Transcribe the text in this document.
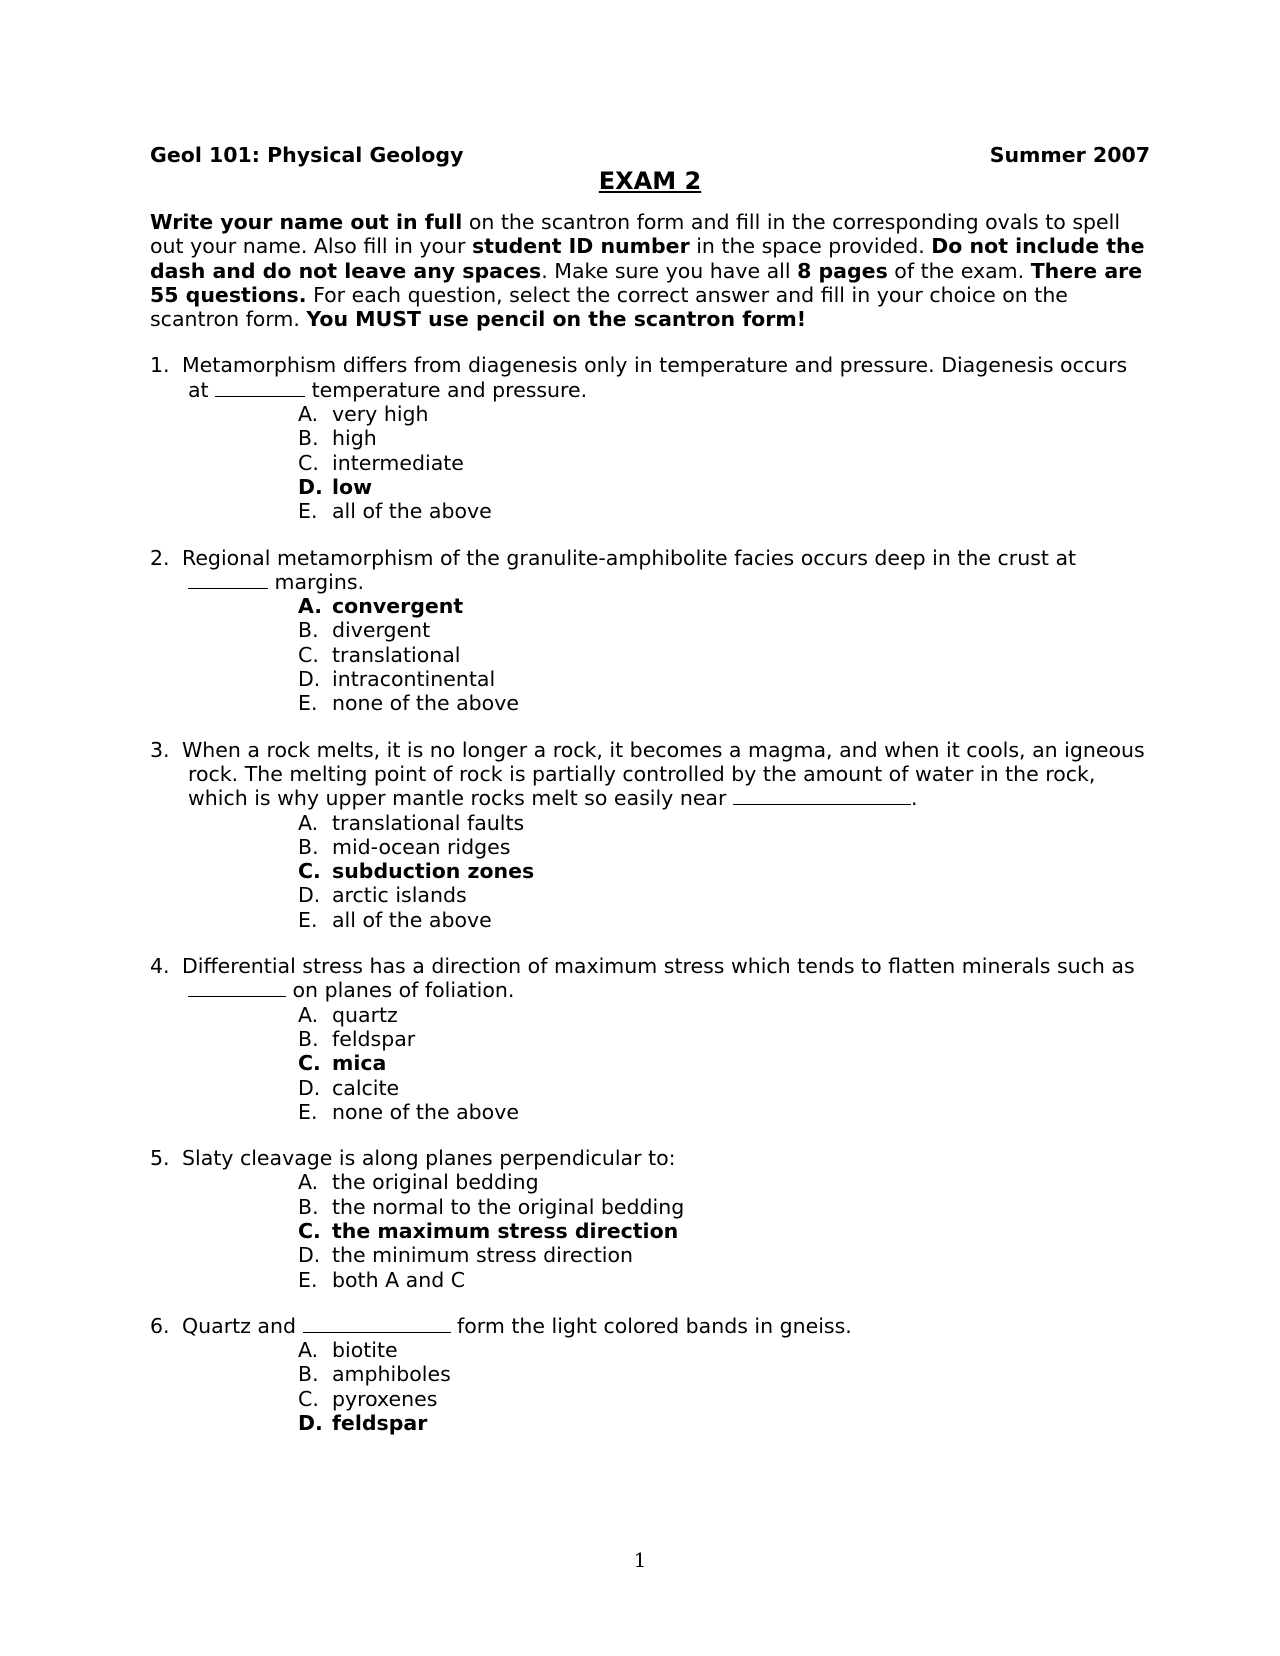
Geol 101: Physical Geology	Summer 2007
EXAM 2
Write your name out in full on the scantron form and fill in the corresponding ovals to spell out your name. Also fill in your student ID number in the space provided. Do not include the dash and do not leave any spaces. Make sure you have all 8 pages of the exam. There are 55 questions. For each question, select the correct answer and fill in your choice on the scantron form. You MUST use pencil on the scantron form!
1. Metamorphism differs from diagenesis only in temperature and pressure. Diagenesis occurs at	temperature and pressure.
A. very high
B. high
C. intermediate
D. low
E. all of the above
2. Regional metamorphism of the granulite-amphibolite facies occurs deep in the crust at  margins.
A. convergent
B. divergent
C. translational
D. intracontinental
E. none of the above
3. When a rock melts, it is no longer a rock, it becomes a magma, and when it cools, an igneous rock. The melting point of rock is partially controlled by the amount of water in the rock, which is why upper mantle rocks melt so easily near	.
A. translational faults
B. mid-ocean ridges
C. subduction zones
D. arctic islands
E. all of the above
4. Differential stress has a direction of maximum stress which tends to flatten minerals such as  on planes of foliation.
A. quartz
B. feldspar
C. mica
D. calcite
E. none of the above
5. Slaty cleavage is along planes perpendicular to:
A. the original bedding
B. the normal to the original bedding
C. the maximum stress direction
D. the minimum stress direction
E. both A and C
6. Quartz and	form the light colored bands in gneiss.
A. biotite
B. amphiboles
C. pyroxenes
D. feldspar
1
